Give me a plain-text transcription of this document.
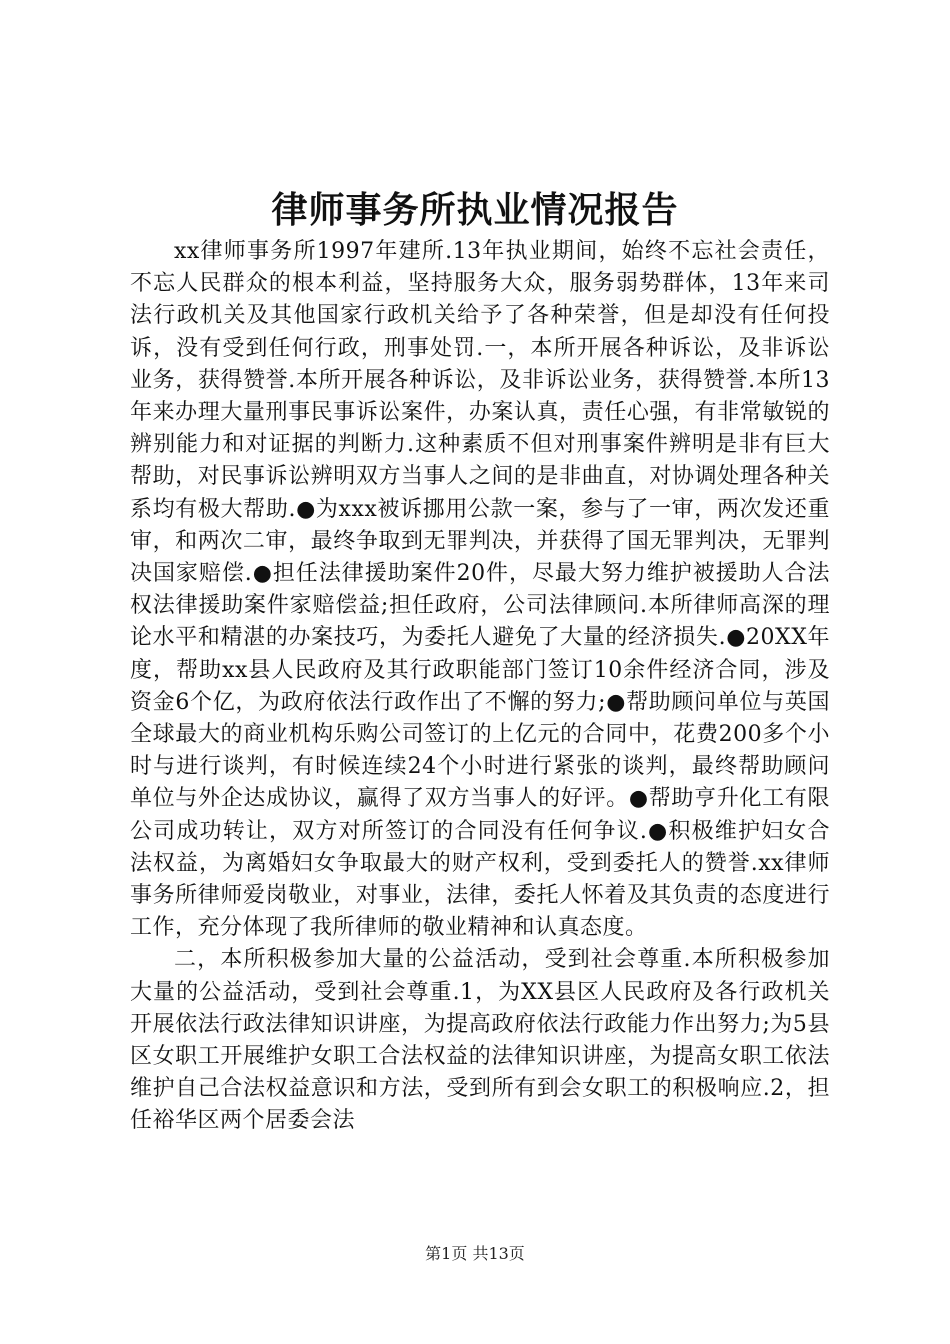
律师事务所执业情况报告

xx律师事务所1997年建所.13年执业期间，始终不忘社会责任，不忘人民群众的根本利益，坚持服务大众，服务弱势群体，13年来司法行政机关及其他国家行政机关给予了各种荣誉，但是却没有任何投诉，没有受到任何行政，刑事处罚.一，本所开展各种诉讼，及非诉讼业务，获得赞誉.本所开展各种诉讼，及非诉讼业务，获得赞誉.本所13年来办理大量刑事民事诉讼案件，办案认真，责任心强，有非常敏锐的辨别能力和对证据的判断力.这种素质不但对刑事案件辨明是非有巨大帮助，对民事诉讼辨明双方当事人之间的是非曲直，对协调处理各种关系均有极大帮助.●为xxx被诉挪用公款一案，参与了一审，两次发还重审，和两次二审，最终争取到无罪判决，并获得了国无罪判决，无罪判决国家赔偿.●担任法律援助案件20件，尽最大努力维护被援助人合法权法律援助案件家赔偿益;担任政府，公司法律顾问.本所律师高深的理论水平和精湛的办案技巧，为委托人避免了大量的经济损失.●20XX年度，帮助xx县人民政府及其行政职能部门签订10余件经济合同，涉及资金6个亿，为政府依法行政作出了不懈的努力;●帮助顾问单位与英国全球最大的商业机构乐购公司签订的上亿元的合同中，花费200多个小时与进行谈判，有时候连续24个小时进行紧张的谈判，最终帮助顾问单位与外企达成协议，赢得了双方当事人的好评。●帮助亨升化工有限公司成功转让，双方对所签订的合同没有任何争议.●积极维护妇女合法权益，为离婚妇女争取最大的财产权利，受到委托人的赞誉.xx律师事务所律师爱岗敬业，对事业，法律，委托人怀着及其负责的态度进行工作，充分体现了我所律师的敬业精神和认真态度。

二，本所积极参加大量的公益活动，受到社会尊重.本所积极参加大量的公益活动，受到社会尊重.1，为XX县区人民政府及各行政机关开展依法行政法律知识讲座，为提高政府依法行政能力作出努力;为5县区女职工开展维护女职工合法权益的法律知识讲座，为提高女职工依法维护自己合法权益意识和方法，受到所有到会女职工的积极响应.2，担任裕华区两个居委会法

第1页 共13页
